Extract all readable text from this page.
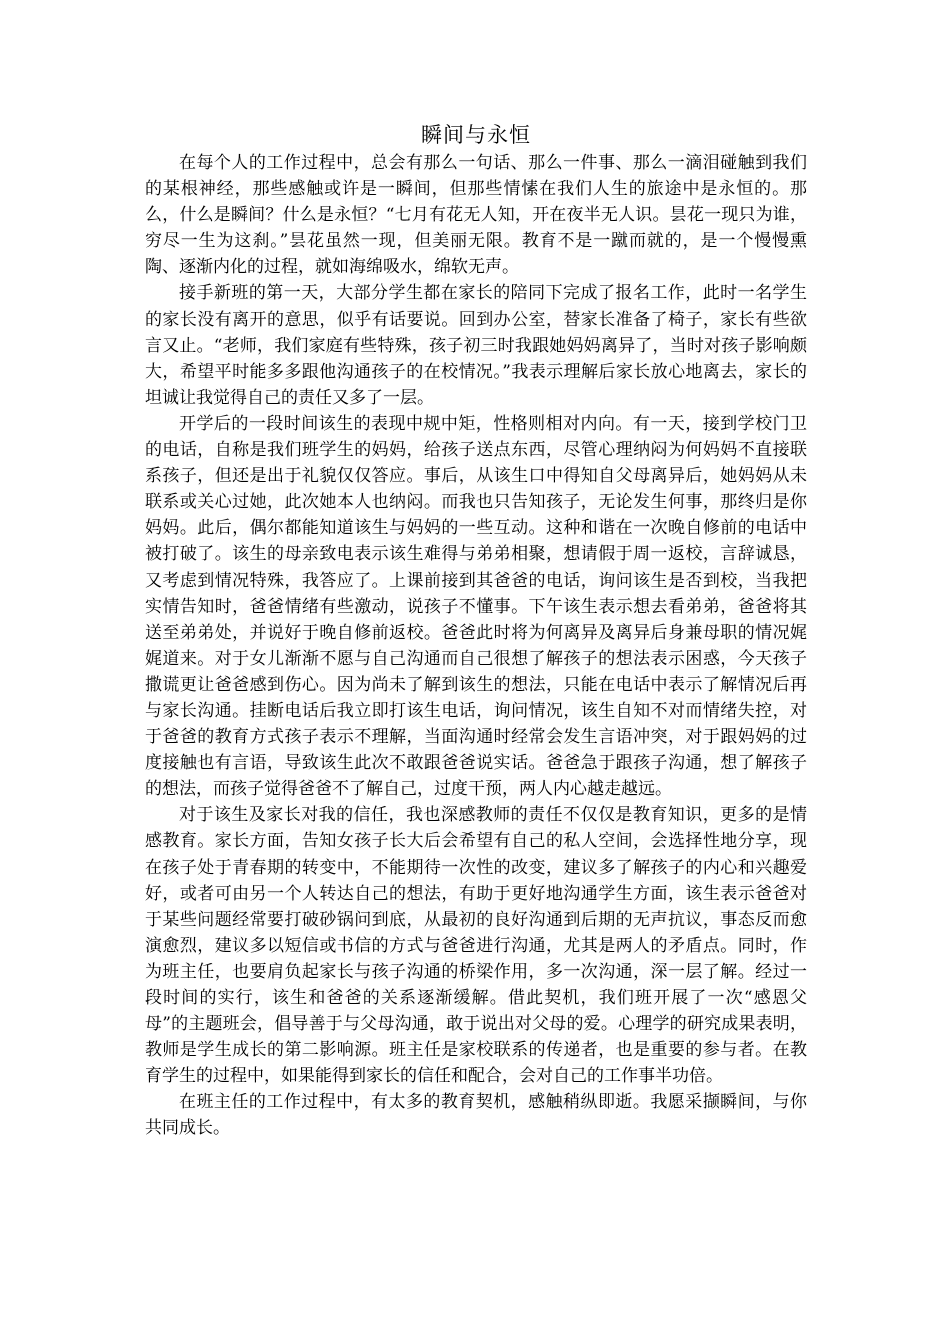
瞬间与永恒

在每个人的工作过程中，总会有那么一句话、那么一件事、那么一滴泪碰触到我们的某根神经，那些感触或许是一瞬间，但那些情愫在我们人生的旅途中是永恒的。那么，什么是瞬间？什么是永恒？“七月有花无人知，开在夜半无人识。昙花一现只为谁，穷尽一生为这刹。”昙花虽然一现，但美丽无限。教育不是一蹴而就的，是一个慢慢熏陶、逐渐内化的过程，就如海绵吸水，绵软无声。

接手新班的第一天，大部分学生都在家长的陪同下完成了报名工作，此时一名学生的家长没有离开的意思，似乎有话要说。回到办公室，替家长准备了椅子，家长有些欲言又止。“老师，我们家庭有些特殊，孩子初三时我跟她妈妈离异了，当时对孩子影响颇大，希望平时能多多跟他沟通孩子的在校情况。”我表示理解后家长放心地离去，家长的坦诚让我觉得自己的责任又多了一层。

开学后的一段时间该生的表现中规中矩，性格则相对内向。有一天，接到学校门卫的电话，自称是我们班学生的妈妈，给孩子送点东西，尽管心理纳闷为何妈妈不直接联系孩子，但还是出于礼貌仅仅答应。事后，从该生口中得知自父母离异后，她妈妈从未联系或关心过她，此次她本人也纳闷。而我也只告知孩子，无论发生何事，那终归是你妈妈。此后，偶尔都能知道该生与妈妈的一些互动。这种和谐在一次晚自修前的电话中被打破了。该生的母亲致电表示该生难得与弟弟相聚，想请假于周一返校，言辞诚恳，又考虑到情况特殊，我答应了。上课前接到其爸爸的电话，询问该生是否到校，当我把实情告知时，爸爸情绪有些激动，说孩子不懂事。下午该生表示想去看弟弟，爸爸将其送至弟弟处，并说好于晚自修前返校。爸爸此时将为何离异及离异后身兼母职的情况娓娓道来。对于女儿渐渐不愿与自己沟通而自己很想了解孩子的想法表示困惑，今天孩子撒谎更让爸爸感到伤心。因为尚未了解到该生的想法，只能在电话中表示了解情况后再与家长沟通。挂断电话后我立即打该生电话，询问情况，该生自知不对而情绪失控，对于爸爸的教育方式孩子表示不理解，当面沟通时经常会发生言语冲突，对于跟妈妈的过度接触也有言语，导致该生此次不敢跟爸爸说实话。爸爸急于跟孩子沟通，想了解孩子的想法，而孩子觉得爸爸不了解自己，过度干预，两人内心越走越远。

对于该生及家长对我的信任，我也深感教师的责任不仅仅是教育知识，更多的是情感教育。家长方面，告知女孩子长大后会希望有自己的私人空间，会选择性地分享，现在孩子处于青春期的转变中，不能期待一次性的改变，建议多了解孩子的内心和兴趣爱好，或者可由另一个人转达自己的想法，有助于更好地沟通学生方面，该生表示爸爸对于某些问题经常要打破砂锅问到底，从最初的良好沟通到后期的无声抗议，事态反而愈演愈烈，建议多以短信或书信的方式与爸爸进行沟通，尤其是两人的矛盾点。同时，作为班主任，也要肩负起家长与孩子沟通的桥梁作用，多一次沟通，深一层了解。经过一段时间的实行，该生和爸爸的关系逐渐缓解。借此契机，我们班开展了一次“感恩父母”的主题班会，倡导善于与父母沟通，敢于说出对父母的爱。心理学的研究成果表明，教师是学生成长的第二影响源。班主任是家校联系的传递者，也是重要的参与者。在教育学生的过程中，如果能得到家长的信任和配合，会对自己的工作事半功倍。

在班主任的工作过程中，有太多的教育契机，感触稍纵即逝。我愿采撷瞬间，与你共同成长。
